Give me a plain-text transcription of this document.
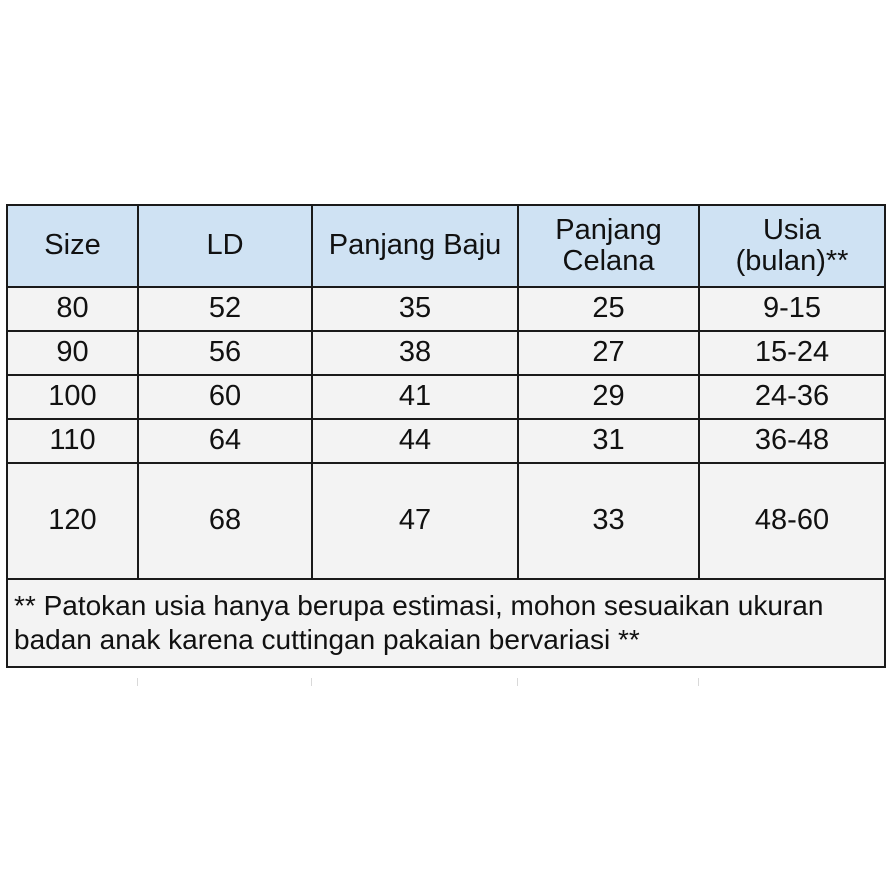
Size	LD	Panjang Baju	Panjang Celana	Usia (bulan)**
80	52	35	25	9-15
90	56	38	27	15-24
100	60	41	29	24-36
110	64	44	31	36-48
120	68	47	33	48-60
** Patokan usia hanya berupa estimasi, mohon sesuaikan ukuran badan anak karena cuttingan pakaian bervariasi **				
